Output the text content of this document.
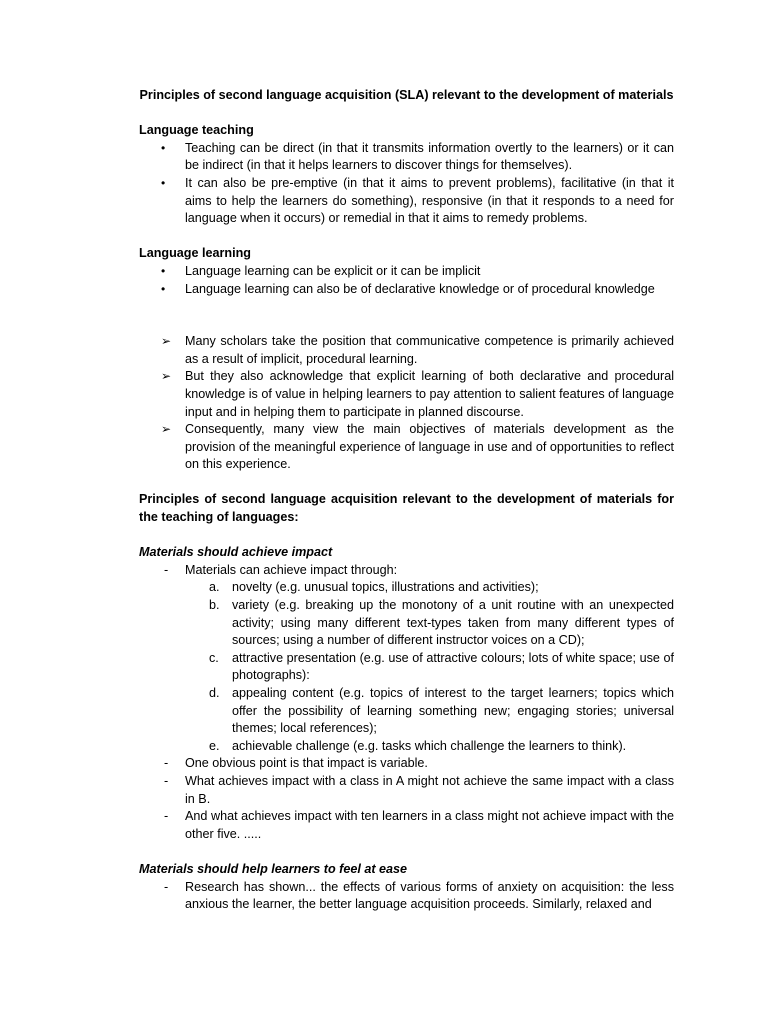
Principles of second language acquisition (SLA) relevant to the development of materials

Language teaching

• Teaching can be direct (in that it transmits information overtly to the learners) or it can be indirect (in that it helps learners to discover things for themselves).
• It can also be pre-emptive (in that it aims to prevent problems), facilitative (in that it aims to help the learners do something), responsive (in that it responds to a need for language when it occurs) or remedial in that it aims to remedy problems.

Language learning

• Language learning can be explicit or it can be implicit
• Language learning can also be of declarative knowledge or of procedural knowledge
➢ Many scholars take the position that communicative competence is primarily achieved as a result of implicit, procedural learning.
➢ But they also acknowledge that explicit learning of both declarative and procedural knowledge is of value in helping learners to pay attention to salient features of language input and in helping them to participate in planned discourse.
➢ Consequently, many view the main objectives of materials development as the provision of the meaningful experience of language in use and of opportunities to reflect on this experience.

Principles of second language acquisition relevant to the development of materials for the teaching of languages:

Materials should achieve impact

- Materials can achieve impact through:
a. novelty (e.g. unusual topics, illustrations and activities);
b. variety (e.g. breaking up the monotony of a unit routine with an unexpected activity; using many different text-types taken from many different types of sources; using a number of different instructor voices on a CD);
c. attractive presentation (e.g. use of attractive colours; lots of white space; use of photographs):
d. appealing content (e.g. topics of interest to the target learners; topics which offer the possibility of learning something new; engaging stories; universal themes; local references);
e. achievable challenge (e.g. tasks which challenge the learners to think).
- One obvious point is that impact is variable.
- What achieves impact with a class in A might not achieve the same impact with a class in B.
- And what achieves impact with ten learners in a class might not achieve impact with the other five. .....

Materials should help learners to feel at ease

- Research has shown... the effects of various forms of anxiety on acquisition: the less anxious the learner, the better language acquisition proceeds. Similarly, relaxed and
